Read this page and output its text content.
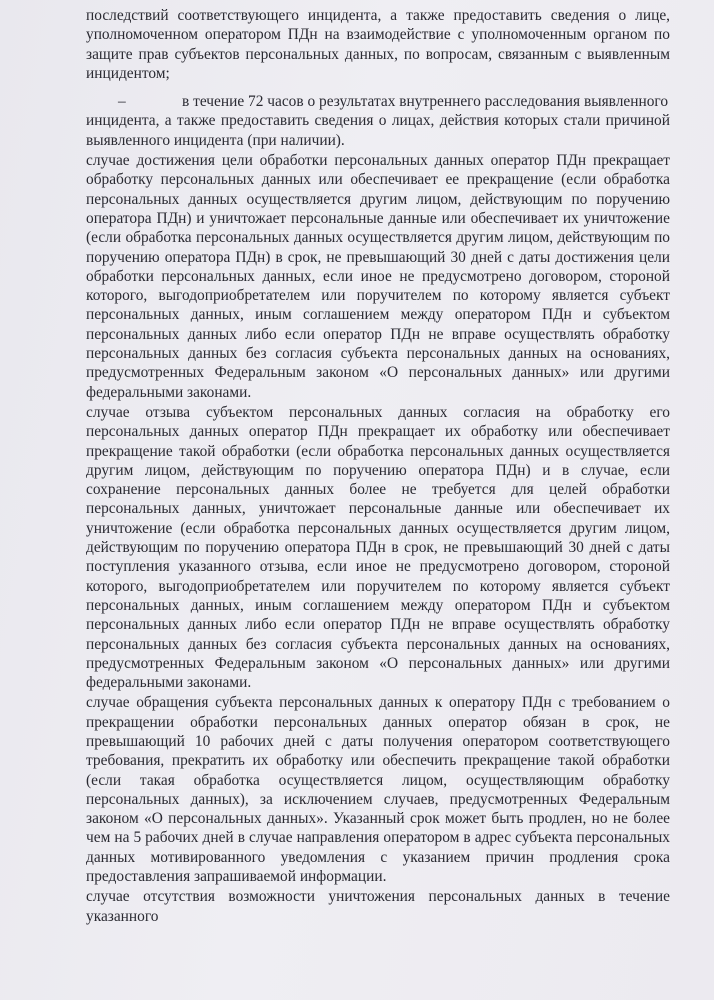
последствий соответствующего инцидента, а также предоставить сведения о лице, уполномоченном оператором ПДн на взаимодействие с уполномоченным органом по защите прав субъектов персональных данных, по вопросам, связанным с выявленным инцидентом;

–	в течение 72 часов о результатах внутреннего расследования выявленного

инцидента, а также предоставить сведения о лицах, действия которых стали причиной выявленного инцидента (при наличии).

случае достижения цели обработки персональных данных оператор ПДн прекращает обработку персональных данных или обеспечивает ее прекращение (если обработка персональных данных осуществляется другим лицом, действующим по поручению оператора ПДн) и уничтожает персональные данные или обеспечивает их уничтожение (если обработка персональных данных осуществляется другим лицом, действующим по поручению оператора ПДн) в срок, не превышающий 30 дней с даты достижения цели обработки персональных данных, если иное не предусмотрено договором, стороной которого, выгодоприобретателем или поручителем по которому является субъект персональных данных, иным соглашением между оператором ПДн и субъектом персональных данных либо если оператор ПДн не вправе осуществлять обработку персональных данных без согласия субъекта персональных данных на основаниях, предусмотренных Федеральным законом «О персональных данных» или другими федеральными законами.

случае отзыва субъектом персональных данных согласия на обработку его персональных данных оператор ПДн прекращает их обработку или обеспечивает прекращение такой обработки (если обработка персональных данных осуществляется другим лицом, действующим по поручению оператора ПДн) и в случае, если сохранение персональных данных более не требуется для целей обработки персональных данных, уничтожает персональные данные или обеспечивает их уничтожение (если обработка персональных данных осуществляется другим лицом, действующим по поручению оператора ПДн в срок, не превышающий 30 дней с даты поступления указанного отзыва, если иное не предусмотрено договором, стороной которого, выгодоприобретателем или поручителем по которому является субъект персональных данных, иным соглашением между оператором ПДн и субъектом персональных данных либо если оператор ПДн не вправе осуществлять обработку персональных данных без согласия субъекта персональных данных на основаниях, предусмотренных Федеральным законом «О персональных данных» или другими федеральными законами.

случае обращения субъекта персональных данных к оператору ПДн с требованием о прекращении обработки персональных данных оператор обязан в срок, не превышающий 10 рабочих дней с даты получения оператором соответствующего требования, прекратить их обработку или обеспечить прекращение такой обработки (если такая обработка осуществляется лицом, осуществляющим обработку персональных данных), за исключением случаев, предусмотренных Федеральным законом «О персональных данных». Указанный срок может быть продлен, но не более чем на 5 рабочих дней в случае направления оператором в адрес субъекта персональных данных мотивированного уведомления с указанием причин продления срока предоставления запрашиваемой информации.

случае отсутствия возможности уничтожения персональных данных в течение указанного
